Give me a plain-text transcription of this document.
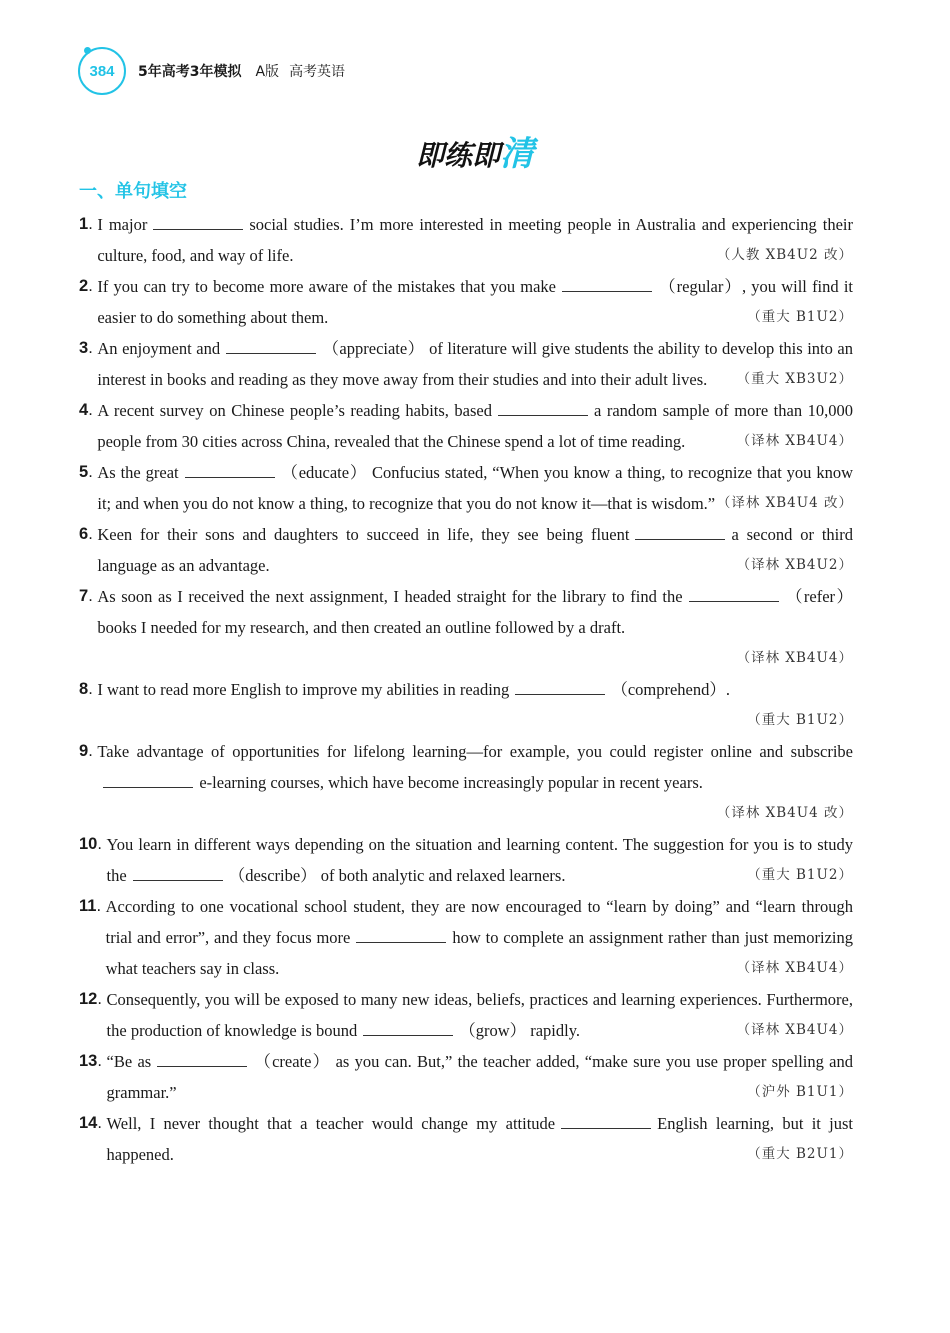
384 5年高考3年模拟 A版 高考英语
即练即清
一、单句填空
1. I major	social studies. I’m more interested in meeting people in Australia and experiencing their culture, food, and way of life.	（人教 XB4U2 改）
2. If you can try to become more aware of the mistakes that you make	（regular）, you will find it easier to do something about them.	（重大 B1U2）
3. An enjoyment and	（appreciate） of literature will give students the ability to develop this into an interest in books and reading as they move away from their studies and into their adult lives. （重大 XB3U2）
4. A recent survey on Chinese people’s reading habits, based	a random sample of more than 10,000 people from 30 cities across China, revealed that the Chinese spend a lot of time reading.	（译林 XB4U4）
5. As the great	（educate） Confucius stated, “When you know a thing, to recognize that you know it; and when you do not know a thing, to recognize that you do not know it—that is wisdom.” （译林 XB4U4 改）
6. Keen for their sons and daughters to succeed in life, they see being fluent	a second or third language as an advantage.	（译林 XB4U2）
7. As soon as I received the next assignment, I headed straight for the library to find the	（refer） books I needed for my research, and then created an outline followed by a draft.
（译林 XB4U4）
8. I want to read more English to improve my abilities in reading	（comprehend）.
（重大 B1U2）
9. Take advantage of opportunities for lifelong learning—for example, you could register online and subscribee-learning courses, which have become increasingly popular in recent years.
（译林 XB4U4 改）
10. You learn in different ways depending on the situation and learning content. The suggestion for you is to study the	（describe） of both analytic and relaxed learners.	（重大 B1U2）
11. According to one vocational school student, they are now encouraged to “learn by doing” and “learn through trial and error”, and they focus more	how to complete an assignment rather than just memorizing what teachers say in class.	（译林 XB4U4）
12. Consequently, you will be exposed to many new ideas, beliefs, practices and learning experiences. Furthermore, the production of knowledge is bound	（grow） rapidly.	（译林 XB4U4）
13. “Be as	（create） as you can. But,” the teacher added, “make sure you use proper spelling and grammar.”	（沪外 B1U1）
14. Well, I never thought that a teacher would change my attitude	English learning, but it just happened.	（重大 B2U1）
